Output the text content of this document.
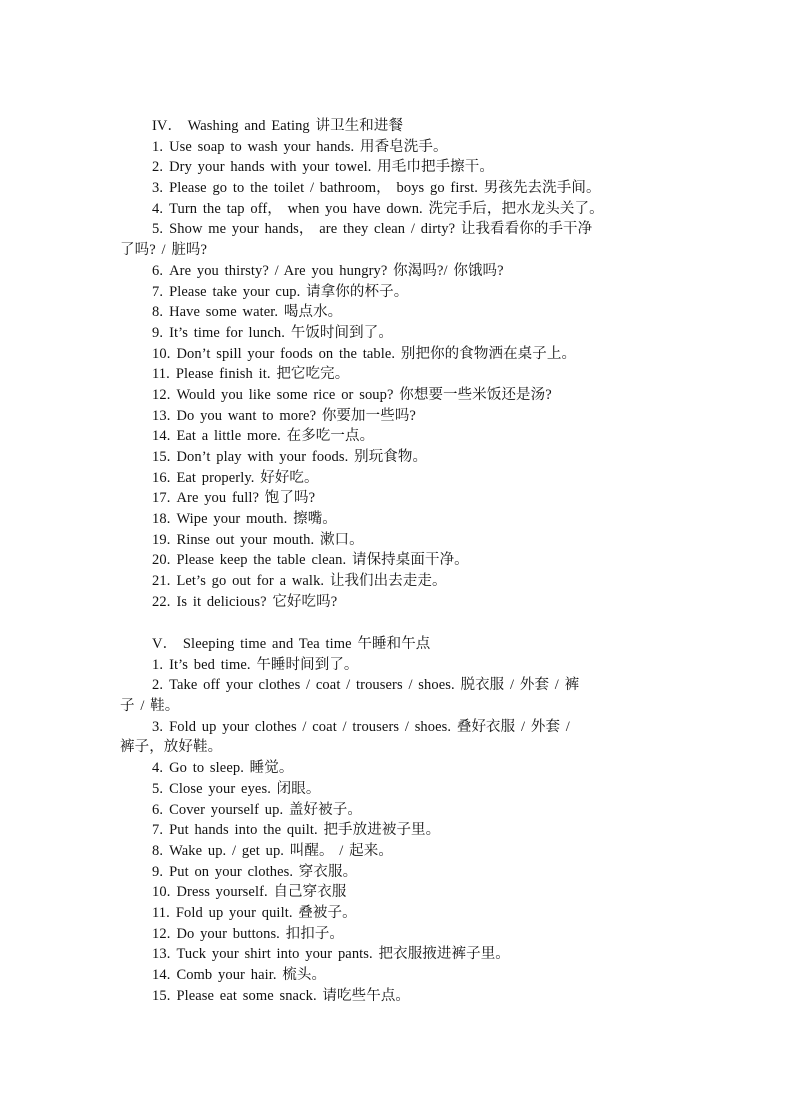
IV． Washing and Eating 讲卫生和进餐
1. Use soap to wash your hands. 用香皂洗手。
2. Dry your hands with your towel. 用毛巾把手擦干。
3. Please go to the toilet / bathroom， boys go first. 男孩先去洗手间。
4. Turn the tap off， when you have down. 洗完手后，把水龙头关了。
5. Show me your hands， are they clean / dirty? 让我看看你的手干净
了吗? / 脏吗?
6. Are you thirsty? / Are you hungry? 你渴吗?/ 你饿吗?
7. Please take your cup. 请拿你的杯子。
8. Have some water. 喝点水。
9. It’s time for lunch. 午饭时间到了。
10. Don’t spill your foods on the table. 别把你的食物洒在桌子上。
11. Please finish it. 把它吃完。
12. Would you like some rice or soup? 你想要一些米饭还是汤?
13. Do you want to more? 你要加一些吗?
14. Eat a little more. 在多吃一点。
15. Don’t play with your foods. 别玩食物。
16. Eat properly. 好好吃。
17. Are you full? 饱了吗?
18. Wipe your mouth. 擦嘴。
19. Rinse out your mouth. 漱口。
20. Please keep the table clean. 请保持桌面干净。
21. Let’s go out for a walk. 让我们出去走走。
22. Is it delicious? 它好吃吗?
V． Sleeping time and Tea time 午睡和午点
1. It’s bed time. 午睡时间到了。
2. Take off your clothes / coat / trousers / shoes. 脱衣服 / 外套 / 裤
子 / 鞋。
3. Fold up your clothes / coat / trousers / shoes. 叠好衣服 / 外套 /
裤子，放好鞋。
4. Go to sleep. 睡觉。
5. Close your eyes. 闭眼。
6. Cover yourself up. 盖好被子。
7. Put hands into the quilt. 把手放进被子里。
8. Wake up. / get up. 叫醒。 / 起来。
9. Put on your clothes. 穿衣服。
10. Dress yourself. 自己穿衣服
11. Fold up your quilt. 叠被子。
12. Do your buttons. 扣扣子。
13. Tuck your shirt into your pants. 把衣服掖进裤子里。
14. Comb your hair. 梳头。
15. Please eat some snack. 请吃些午点。
